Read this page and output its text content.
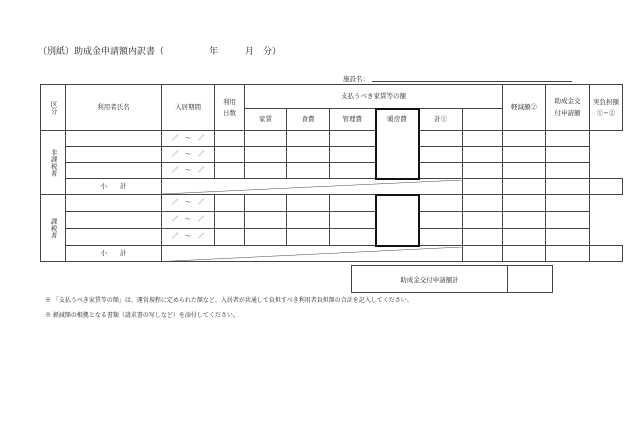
（別紙）助成金申請額内訳書（　　　　　年　　　月　分）
施設名：
区分	利用者氏名	入居期間	利用日数	支払うべき家賃等の額						軽減額②	助成金交付申請額	実負担額①−②

				家賃	食費	管理費	暖房費	計①				

非課税者		／　～　／										
		／　～　／										
		／　～　／										
	小　　計	

課税者		／　～　／										
		／　～　／										
		／　～　／										
	小　　計	

助成金交付申請額計	
※ 「支払うべき家賃等の額」は、運営規程に定められた額など、入居者が共通して負担すべき利用者負担額の合計を記入してください。
※ 軽減額の根拠となる書類（請求書の写しなど）を添付してください。
